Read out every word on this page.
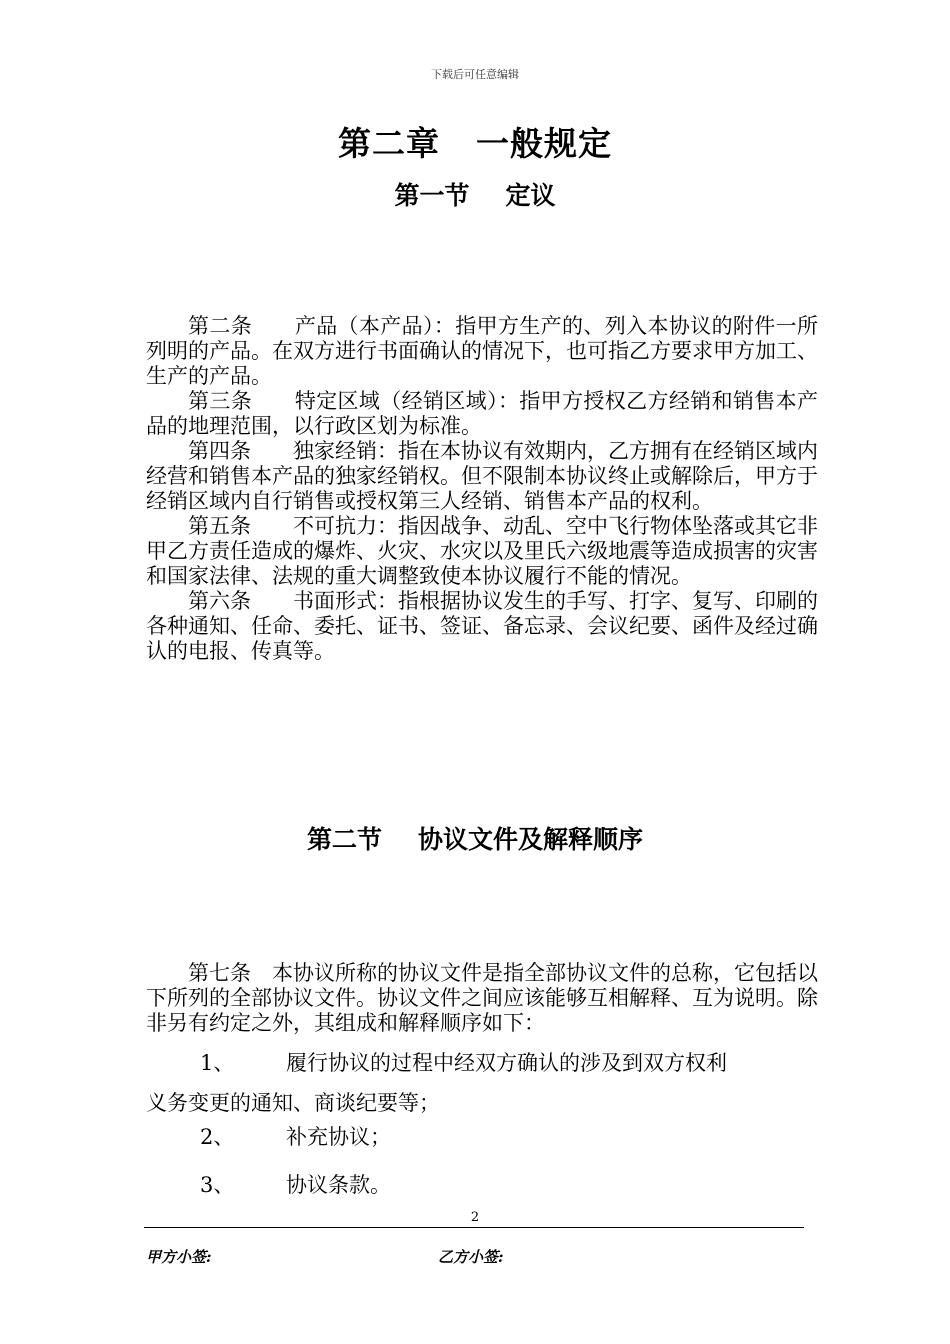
下载后可任意编辑
第二章 一般规定
第一节 定议

第二条　　 产品（本产品）：指甲方生产的、列入本协议的附件一所列明的产品。在双方进行书面确认的情况下，也可指乙方要求甲方加工、生产的产品。

第三条　　 特定区域（经销区域）：指甲方授权乙方经销和销售本产品的地理范围，以行政区划为标准。

第四条　　 独家经销：指在本协议有效期内，乙方拥有在经销区域内经营和销售本产品的独家经销权。但不限制本协议终止或解除后，甲方于经销区域内自行销售或授权第三人经销、销售本产品的权利。

第五条　　 不可抗力：指因战争、动乱、空中飞行物体坠落或其它非甲乙方责任造成的爆炸、火灾、水灾以及里氏六级地震等造成损害的灾害和国家法律、法规的重大调整致使本协议履行不能的情况。

第六条　　 书面形式：指根据协议发生的手写、打字、复写、印刷的各种通知、任命、委托、证书、签证、备忘录、会议纪要、函件及经过确认的电报、传真等。

第二节 协议文件及解释顺序

第七条　 本协议所称的协议文件是指全部协议文件的总称，它包括以下所列的全部协议文件。协议文件之间应该能够互相解释、互为说明。除非另有约定之外，其组成和解释顺序如下：

1、 履行协议的过程中经双方确认的涉及到双方权利

义务变更的通知、商谈纪要等；

2、 补充协议；

3、 协议条款。

2
甲方小签:	乙方小签:
